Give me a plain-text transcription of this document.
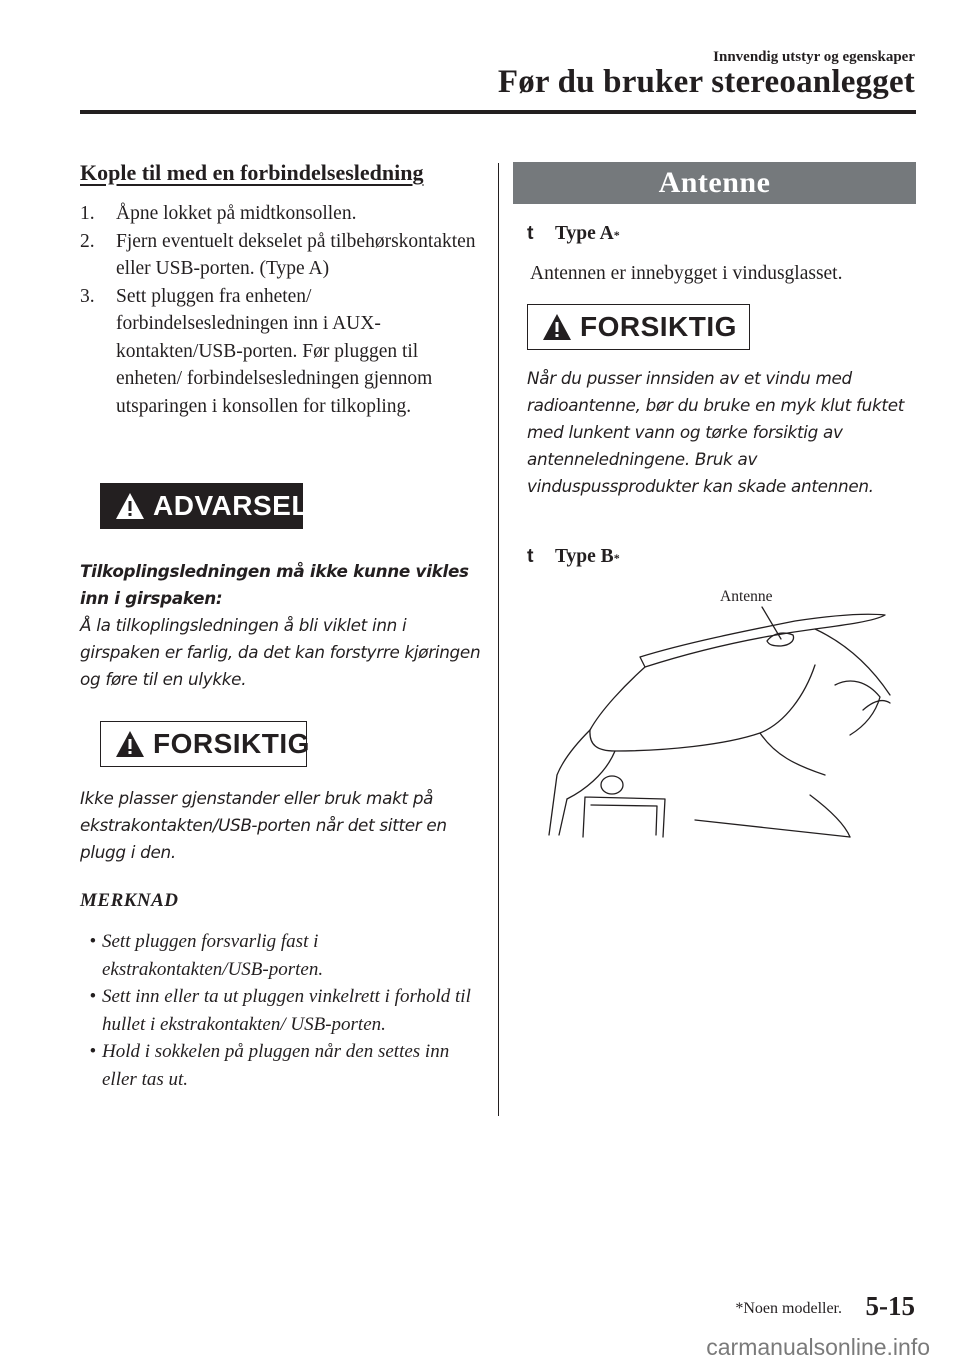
Innvendig utstyr og egenskaper
Før du bruker stereoanlegget
Kople til med en forbindelsesledning
1.	Åpne lokket på midtkonsollen.
2.	Fjern eventuelt dekselet på tilbehørskontakten eller USB-porten. (Type A)
3.	Sett pluggen fra enheten/ forbindelsesledningen inn i AUX-kontakten/USB-porten. Før pluggen til enheten/ forbindelsesledningen gjennom utsparingen i konsollen for tilkopling.
ADVARSEL
Tilkoplingsledningen må ikke kunne vikles inn i girspaken:
Å la tilkoplingsledningen å bli viklet inn i girspaken er farlig, da det kan forstyrre kjøringen og føre til en ulykke.
FORSIKTIG
Ikke plasser gjenstander eller bruk makt på ekstrakontakten/USB-porten når det sitter en plugg i den.
MERKNAD
• Sett pluggen forsvarlig fast i ekstrakontakten/USB-porten.
• Sett inn eller ta ut pluggen vinkelrett i forhold til hullet i ekstrakontakten/ USB-porten.
• Hold i sokkelen på pluggen når den settes inn eller tas ut.
Antenne
t	Type A *
Antennen er innebygget i vindusglasset.
FORSIKTIG
Når du pusser innsiden av et vindu med radioantenne, bør du bruke en myk klut fuktet med lunkent vann og tørke forsiktig av antenneledningene. Bruk av vinduspussprodukter kan skade antennen.
t	Type B *
Antenne
*Noen modeller. 5-15
carmanualsonline.info
